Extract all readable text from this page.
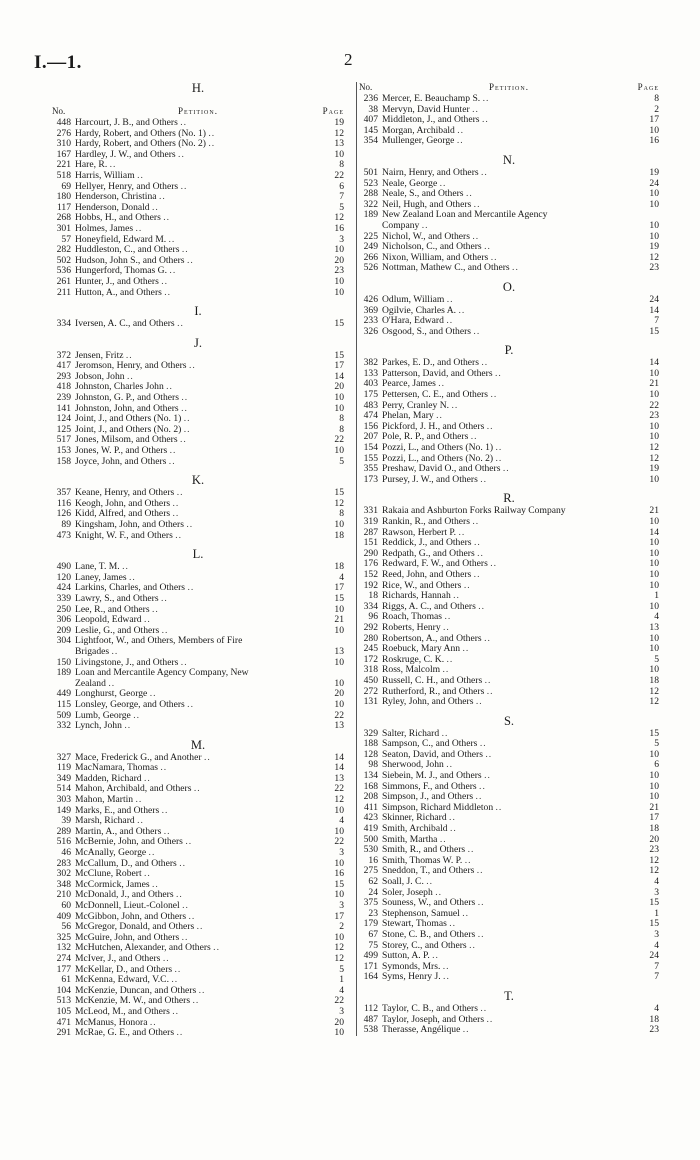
I.—1.	2
H.
No.	Petition.	Page
448 Harcourt, J. B., and Others ..	19
276 Hardy, Robert, and Others (No. 1) ..	12
310 Hardy, Robert, and Others (No. 2) ..	13
167 Hardley, J. W., and Others ..	10
221 Hare, R. ..	8
518 Harris, William ..	22
69 Hellyer, Henry, and Others ..	6
180 Henderson, Christina ..	7
117 Henderson, Donald ..	5
268 Hobbs, H., and Others ..	12
301 Holmes, James ..	16
57 Honeyfield, Edward M. ..	3
282 Huddleston, C., and Others ..	10
502 Hudson, John S., and Others ..	20
536 Hungerford, Thomas G. ..	23
261 Hunter, J., and Others ..	10
211 Hutton, A., and Others ..	10
I.
334 Iversen, A. C., and Others ..	15
J.
372 Jensen, Fritz ..	15
417 Jeromson, Henry, and Others ..	17
293 Jobson, John ..	14
418 Johnston, Charles John ..	20
239 Johnston, G. P., and Others ..	10
141 Johnston, John, and Others ..	10
124 Joint, J., and Others (No. 1) ..	8
125 Joint, J., and Others (No. 2) ..	8
517 Jones, Milsom, and Others ..	22
153 Jones, W. P., and Others ..	10
158 Joyce, John, and Others ..	5
K.
357 Keane, Henry, and Others ..	15
116 Keogh, John, and Others ..	12
126 Kidd, Alfred, and Others ..	8
89 Kingsham, John, and Others ..	10
473 Knight, W. F., and Others ..	18
L.
490 Lane, T. M. ..	18
120 Laney, James ..	4
424 Larkins, Charles, and Others ..	17
339 Lawry, S., and Others ..	15
250 Lee, R., and Others ..	10
306 Leopold, Edward ..	21
209 Leslie, G., and Others ..	10
304 Lightfoot, W., and Others, Members of Fire
Brigades ..	13
150 Livingstone, J., and Others ..	10
189 Loan and Mercantile Agency Company, New
Zealand ..	10
449 Longhurst, George ..	20
115 Lonsley, George, and Others ..	10
509 Lumb, George ..	22
332 Lynch, John ..	13
M.
327 Mace, Frederick G., and Another ..	14
119 MacNamara, Thomas ..	14
349 Madden, Richard ..	13
514 Mahon, Archibald, and Others ..	22
303 Mahon, Martin ..	12
149 Marks, E., and Others ..	10
39 Marsh, Richard ..	4
289 Martin, A., and Others ..	10
516 McBernie, John, and Others ..	22
46 McAnally, George ..	3
283 McCallum, D., and Others ..	10
302 McClune, Robert ..	16
348 McCormick, James ..	15
210 McDonald, J., and Others ..	10
60 McDonnell, Lieut.-Colonel ..	3
409 McGibbon, John, and Others ..	17
56 McGregor, Donald, and Others ..	2
325 McGuire, John, and Others ..	10
132 McHutchen, Alexander, and Others ..	12
274 McIver, J., and Others ..	12
177 McKellar, D., and Others ..	5
61 McKenna, Edward, V.C. ..	1
104 McKenzie, Duncan, and Others ..	4
513 McKenzie, M. W., and Others ..	22
105 McLeod, M., and Others ..	3
471 McManus, Honora ..	20
291 McRae, G. E., and Others ..	10
No.	Petition.	Page
236 Mercer, E. Beauchamp S. ..	8
38 Mervyn, David Hunter ..	2
407 Middleton, J., and Others ..	17
145 Morgan, Archibald ..	10
354 Mullenger, George ..	16
N.
501 Nairn, Henry, and Others ..	19
523 Neale, George ..	24
288 Neale, S., and Others ..	10
322 Neil, Hugh, and Others ..	10
189 New Zealand Loan and Mercantile Agency
Company ..	10
225 Nichol, W., and Others ..	10
249 Nicholson, C., and Others ..	19
266 Nixon, William, and Others ..	12
526 Nottman, Mathew C., and Others ..	23
O.
426 Odlum, William ..	24
369 Ogilvie, Charles A. ..	14
233 O'Hara, Edward ..	7
326 Osgood, S., and Others ..	15
P.
382 Parkes, E. D., and Others ..	14
133 Patterson, David, and Others ..	10
403 Pearce, James ..	21
175 Pettersen, C. E., and Others ..	10
483 Perry, Cranley N. ..	22
474 Phelan, Mary ..	23
156 Pickford, J. H., and Others ..	10
207 Pole, R. P., and Others ..	10
154 Pozzi, L., and Others (No. 1) ..	12
155 Pozzi, L., and Others (No. 2) ..	12
355 Preshaw, David O., and Others ..	19
173 Pursey, J. W., and Others ..	10
R.
331 Rakaia and Ashburton Forks Railway Company	21
319 Rankin, R., and Others ..	10
287 Rawson, Herbert P. ..	14
151 Reddick, J., and Others ..	10
290 Redpath, G., and Others ..	10
176 Redward, F. W., and Others ..	10
152 Reed, John, and Others ..	10
192 Rice, W., and Others ..	10
18 Richards, Hannah ..	1
334 Riggs, A. C., and Others ..	10
96 Roach, Thomas ..	4
292 Roberts, Henry ..	13
280 Robertson, A., and Others ..	10
245 Roebuck, Mary Ann ..	10
172 Roskruge, C. K. ..	5
318 Ross, Malcolm ..	10
450 Russell, C. H., and Others ..	18
272 Rutherford, R., and Others ..	12
131 Ryley, John, and Others ..	12
S.
329 Salter, Richard ..	15
188 Sampson, C., and Others ..	5
128 Seaton, David, and Others ..	10
98 Sherwood, John ..	6
134 Siebein, M. J., and Others ..	10
168 Simmons, F., and Others ..	10
208 Simpson, J., and Others ..	10
411 Simpson, Richard Middleton ..	21
423 Skinner, Richard ..	17
419 Smith, Archibald ..	18
500 Smith, Martha ..	20
530 Smith, R., and Others ..	23
16 Smith, Thomas W. P. ..	12
275 Sneddon, T., and Others ..	12
62 Soall, J. C. ..	4
24 Soler, Joseph ..	3
375 Souness, W., and Others ..	15
23 Stephenson, Samuel ..	1
179 Stewart, Thomas ..	15
67 Stone, C. B., and Others ..	3
75 Storey, C., and Others ..	4
499 Sutton, A. P. ..	24
171 Symonds, Mrs. ..	7
164 Syms, Henry J. ..	7
T.
112 Taylor, C. B., and Others ..	4
487 Taylor, Joseph, and Others ..	18
538 Therasse, Angélique ..	23
